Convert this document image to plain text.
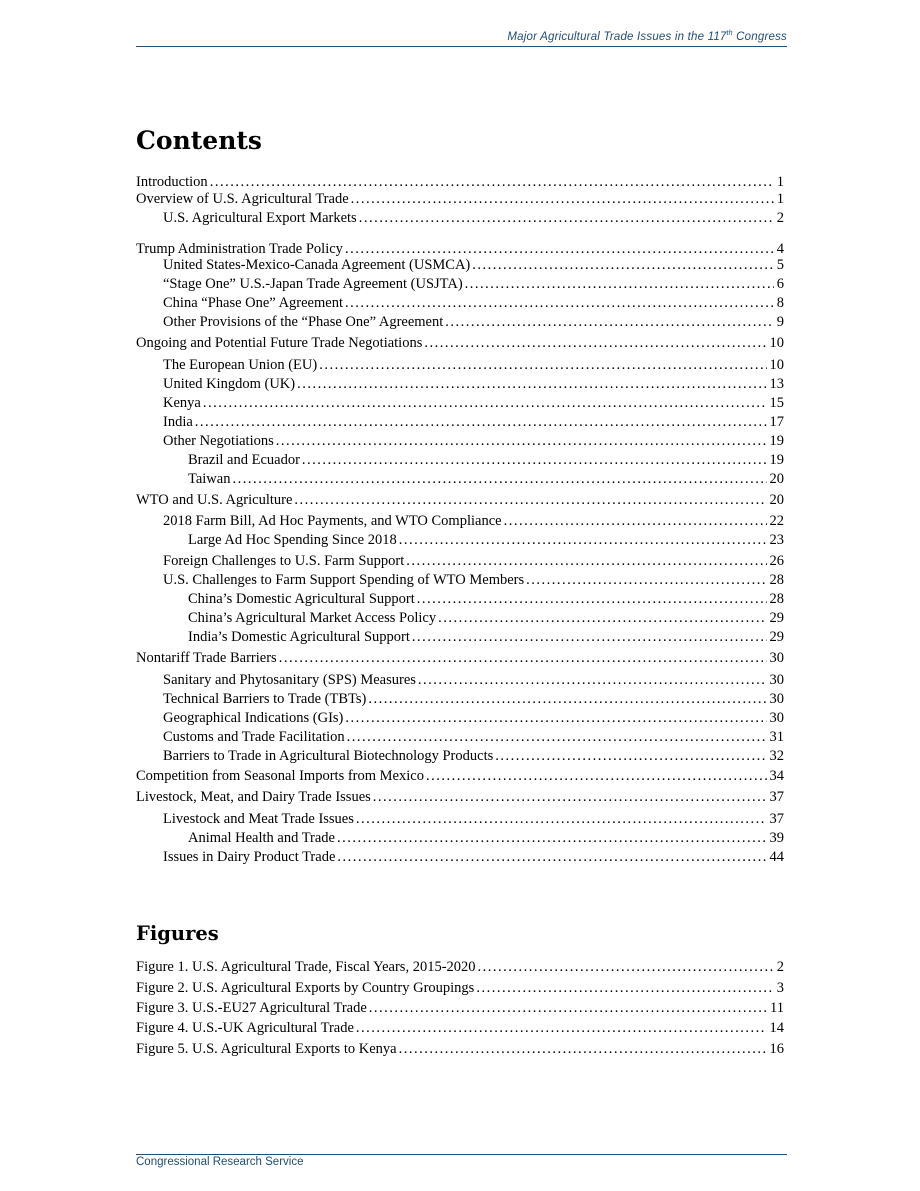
Major Agricultural Trade Issues in the 117th Congress
Contents
Introduction .....	1
Overview of U.S. Agricultural Trade .....	1
U.S. Agricultural Export Markets .....	2
Trump Administration Trade Policy .....	4
United States-Mexico-Canada Agreement (USMCA) .....	5
“Stage One” U.S.-Japan Trade Agreement (USJTA) .....	6
China “Phase One” Agreement .....	8
Other Provisions of the “Phase One” Agreement .....	9
Ongoing and Potential Future Trade Negotiations .....	10
The European Union (EU) .....	10
United Kingdom (UK) .....	13
Kenya .....	15
India .....	17
Other Negotiations .....	19
Brazil and Ecuador .....	19
Taiwan .....	20
WTO and U.S. Agriculture .....	20
2018 Farm Bill, Ad Hoc Payments, and WTO Compliance .....	22
Large Ad Hoc Spending Since 2018 .....	23
Foreign Challenges to U.S. Farm Support .....	26
U.S. Challenges to Farm Support Spending of WTO Members .....	28
China’s Domestic Agricultural Support .....	28
China’s Agricultural Market Access Policy .....	29
India’s Domestic Agricultural Support .....	29
Nontariff Trade Barriers .....	30
Sanitary and Phytosanitary (SPS) Measures .....	30
Technical Barriers to Trade (TBTs) .....	30
Geographical Indications (GIs) .....	30
Customs and Trade Facilitation .....	31
Barriers to Trade in Agricultural Biotechnology Products .....	32
Competition from Seasonal Imports from Mexico .....	34
Livestock, Meat, and Dairy Trade Issues .....	37
Livestock and Meat Trade Issues .....	37
Animal Health and Trade .....	39
Issues in Dairy Product Trade .....	44
Figures
Figure 1. U.S. Agricultural Trade, Fiscal Years, 2015-2020 .....	2
Figure 2. U.S. Agricultural Exports by Country Groupings .....	3
Figure 3. U.S.-EU27 Agricultural Trade .....	11
Figure 4. U.S.-UK Agricultural Trade .....	14
Figure 5. U.S. Agricultural Exports to Kenya .....	16
Congressional Research Service
